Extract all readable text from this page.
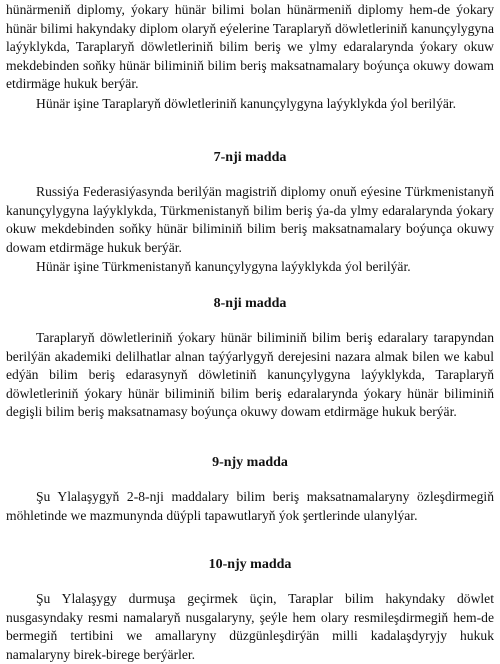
hünärmeniň diplomy, ýokary hünär bilimi bolan hünärmeniň diplomy hem-de ýokary hünär bilimi hakyndaky diplom olaryň eýelerine Taraplaryň döwletleriniň kanunçylygyna laýyklykda, Taraplaryň döwletleriniň bilim beriş we ylmy edaralarynda ýokary okuw mekdebinden soňky hünär biliminiň bilim beriş maksatnamalary boýunça okuwy dowam etdirmäge hukuk berýär.

Hünär işine Taraplaryň döwletleriniň kanunçylygyna laýyklykda ýol berilýär.

7-nji madda

Russiýa Federasiýasynda berilýän magistriň diplomy onuň eýesine Türkmenistanyň kanunçylygyna laýyklykda, Türkmenistanyň bilim beriş ýa-da ylmy edaralarynda ýokary okuw mekdebinden soňky hünär biliminiň bilim beriş maksatnamalary boýunça okuwy dowam etdirmäge hukuk berýär.

Hünär işine Türkmenistanyň kanunçylygyna laýyklykda ýol berilýär.

8-nji madda

Taraplaryň döwletleriniň ýokary hünär biliminiň bilim beriş edaralary tarapyndan berilýän akademiki delilhatlar alnan taýýarlygyň derejesini nazara almak bilen we kabul edýän bilim beriş edarasynyň döwletiniň kanunçylygyna laýyklykda, Taraplaryň döwletleriniň ýokary hünär biliminiň bilim beriş edaralarynda ýokary hünär biliminiň degişli bilim beriş maksatnamasy boýunça okuwy dowam etdirmäge hukuk berýär.

9-njy madda

Şu Ylalaşygyň 2-8-nji maddalary bilim beriş maksatnamalaryny özleşdirmegiň möhletinde we mazmunynda düýpli tapawutlaryň ýok şertlerinde ulanylýar.

10-njy madda

Şu Ylalaşygy durmuşa geçirmek üçin, Taraplar bilim hakyndaky döwlet nusgasyndaky resmi namalaryň nusgalaryny, şeýle hem olary resmileşdirmegiň hem-de bermegiň tertibini we amallaryny düzgünleşdirýän milli kadalaşdyryjy hukuk namalaryny birek-birege berýärler.
